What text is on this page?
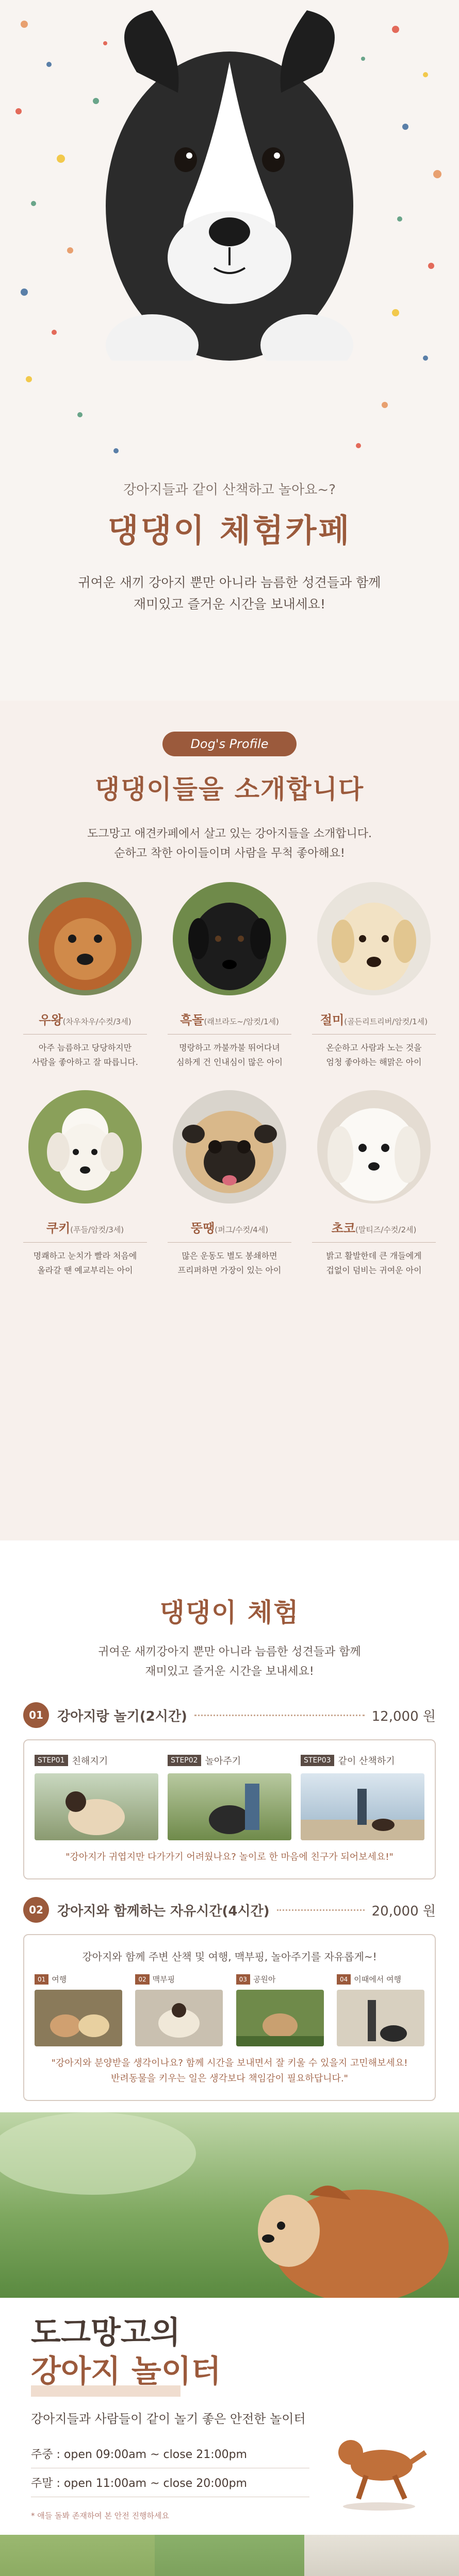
강아지들과 같이 산책하고 놀아요~?
댕댕이 체험카페
귀여운 새끼 강아지 뿐만 아니라 늠름한 성견들과 함께
재미있고 즐거운 시간을 보내세요!
Dog's Profile
댕댕이들을 소개합니다
도그망고 애견카페에서 살고 있는 강아지들을 소개합니다.
순하고 착한 아이들이며 사람을 무척 좋아해요!
우왕(차우차우/수컷/3세)
아주 늠름하고 당당하지만
사람을 좋아하고 잘 따릅니다.
흑돌(래브라도~/암컷/1세)
명랑하고 까불까불 뛰어다녀
심하게 건 인내심이 많은 아이
절미(골든리트리버/암컷/1세)
온순하고 사람과 노는 것을
엄청 좋아하는 해맑은 아이
쿠키(푸들/암컷/3세)
명쾌하고 눈치가 빨라 처음에
올라갈 땐 예교부리는 아이
뚱땡(퍼그/수컷/4세)
많은 운동도 별도 봉쇄하면
프리퍼하면 가장이 있는 아이
초코(말티즈/수컷/2세)
밝고 활발한데 큰 개들에게
겁없이 덤비는 귀여운 아이
댕댕이 체험
귀여운 새끼강아지 뿐만 아니라 늠름한 성견들과 함께
재미있고 즐거운 시간을 보내세요!
01	강아지랑 놀기(2시간)	12,000 원
STEP01 친해지기	STEP02 놀아주기	STEP03 같이 산책하기
"강아지가 귀엽지만 다가가기 어려웠나요? 놀이로 한 마음에 친구가 되어보세요!"
02	강아지와 함께하는 자유시간(4시간)	20,000 원
강아지와 함께 주변 산책 및 여행, 맥부핑, 놀아주기를 자유롭게~!
01 여행	02 맥부핑	03 공원아	04 이때에서 여행
"강아지와 분양받을 생각이나요? 함께 시간을 보내면서 잘 키울 수 있을지 고민해보세요!
반려동물을 키우는 일은 생각보다 책임감이 필요하답니다."
도그망고의
강아지 놀이터
강아지들과 사람들이 같이 놀기 좋은 안전한 놀이터
주중 : open 09:00am ~ close 21:00pm
주말 : open 11:00am ~ close 20:00pm
* 애들 돌봐 존재하여 본 안전 진행하세요
